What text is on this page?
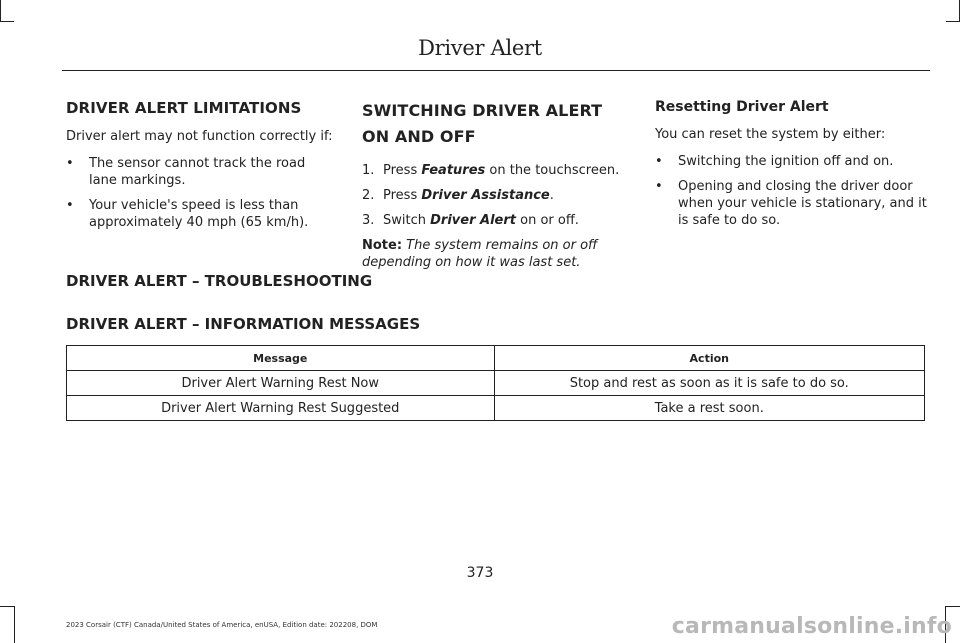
Driver Alert
DRIVER ALERT LIMITATIONS

Driver alert may not function correctly if:

• The sensor cannot track the road lane markings.
• Your vehicle's speed is less than approximately 40 mph (65 km/h).
SWITCHING DRIVER ALERT ON AND OFF
1. Press Features on the touchscreen.
2. Press Driver Assistance.
3. Switch Driver Alert on or off.

Note: The system remains on or off depending on how it was last set.

Resetting Driver Alert

You can reset the system by either:

• Switching the ignition off and on.
• Opening and closing the driver door when your vehicle is stationary, and it is safe to do so.
DRIVER ALERT – TROUBLESHOOTING
DRIVER ALERT – INFORMATION MESSAGES
Message	Action
Driver Alert Warning Rest Now	Stop and rest as soon as it is safe to do so.
Driver Alert Warning Rest Suggested	Take a rest soon.
373
2023 Corsair (CTF) Canada/United States of America, enUSA, Edition date: 202208, DOM	carmanualsonline.info
